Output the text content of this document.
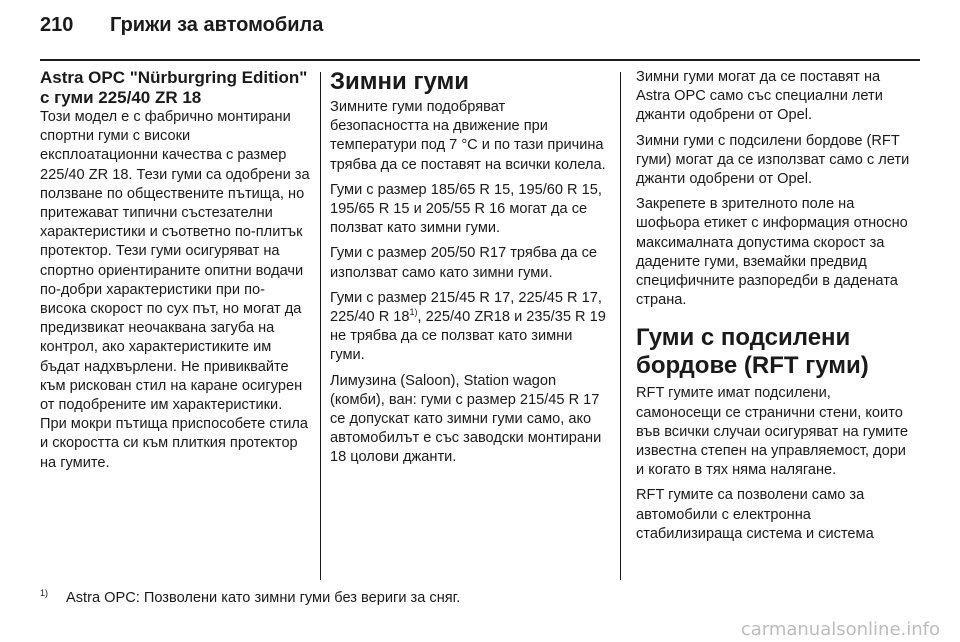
210	Грижи за автомобила
Astra OPC "Nürburgring Edition" с гуми 225/40 ZR 18

Този модел е с фабрично монтирани спортни гуми с високи експлоатационни качества с размер 225/40 ZR 18. Тези гуми са одобрени за ползване по обществените пътища, но притежават типични състезателни характеристики и съответно по-плитък протектор. Тези гуми осигуряват на спортно ориентираните опитни водачи по-добри характеристики при по-висока скорост по сух път, но могат да предизвикат неочаквана загуба на контрол, ако характеристиките им бъдат надхвърлени. Не привиквайте към рискован стил на каране осигурен от подобрените им характеристики. При мокри пътища приспособете стила и скоростта си към плиткия протектор на гумите.

Зимни гуми

Зимните гуми подобряват безопасността на движение при температури под 7 °C и по тази причина трябва да се поставят на всички колела.

Гуми с размер 185/65 R 15, 195/60 R 15, 195/65 R 15 и 205/55 R 16 могат да се ползват като зимни гуми.

Гуми с размер 205/50 R17 трябва да се използват само като зимни гуми.

Гуми с размер 215/45 R 17, 225/45 R 17, 225/40 R 18$^{1)}$, 225/40 ZR18 и 235/35 R 19 не трябва да се ползват като зимни гуми.

Лимузина (Saloon), Station wagon (комби), ван: гуми с размер 215/45 R 17 се допускат като зимни гуми само, ако автомобилът е със заводски монтирани 18 цолови джанти.

Зимни гуми могат да се поставят на Astra OPC само със специални лети джанти одобрени от Opel.

Зимни гуми с подсилени бордове (RFT гуми) могат да се използват само с лети джанти одобрени от Opel.

Закрепете в зрителното поле на шофьора етикет с информация относно максималната допустима скорост за дадените гуми, вземайки предвид специфичните разпоредби в дадената страна.

Гуми с подсилени бордове (RFT гуми)

RFT гумите имат подсилени, самоносещи се странични стени, които във всички случаи осигуряват на гумите известна степен на управляемост, дори и когато в тях няма налягане.

RFT гумите са позволени само за автомобили с електронна стабилизираща система и система

1)	Astra OPC: Позволени като зимни гуми без вериги за сняг.
carmanualsonline.info
